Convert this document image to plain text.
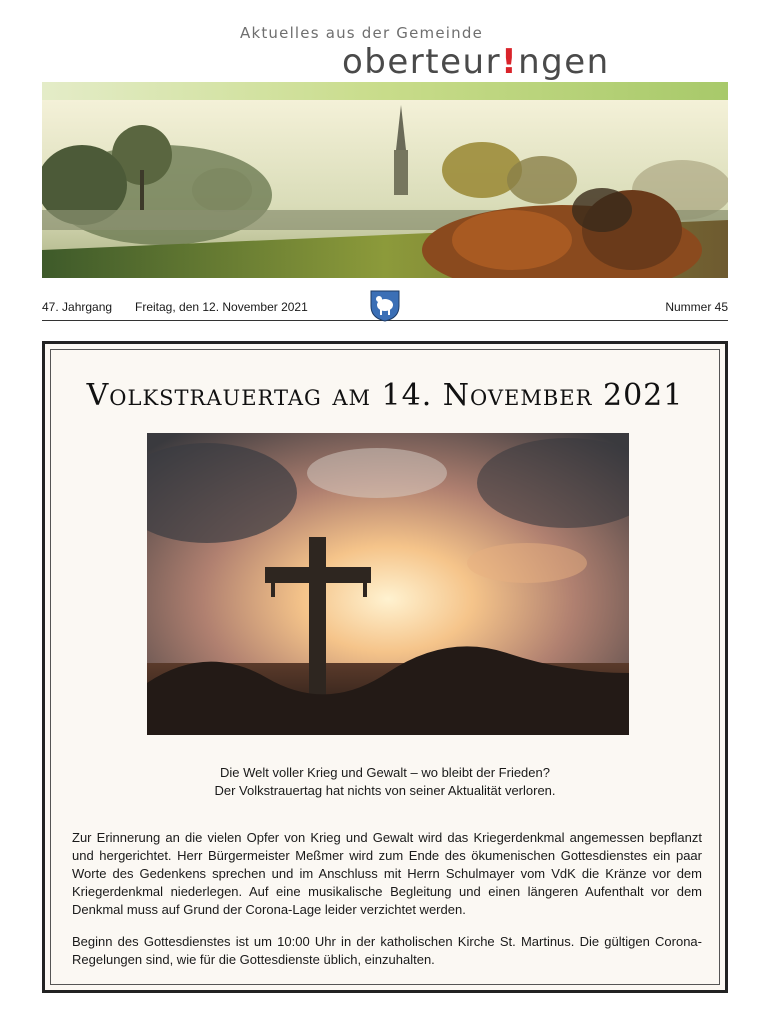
Aktuelles aus der Gemeinde
oberteur!ngen
47. Jahrgang Freitag, den 12. November 2021	Nummer 45
Volkstrauertag am 14. November 2021
Die Welt voller Krieg und Gewalt – wo bleibt der Frieden?
Der Volkstrauertag hat nichts von seiner Aktualität verloren.

Zur Erinnerung an die vielen Opfer von Krieg und Gewalt wird das Kriegerdenkmal angemessen bepflanzt und hergerichtet. Herr Bürgermeister Meßmer wird zum Ende des ökumenischen Gottesdienstes ein paar Worte des Gedenkens sprechen und im Anschluss mit Herrn Schulmayer vom VdK die Kränze vor dem Kriegerdenkmal niederlegen. Auf eine musikalische Begleitung und einen längeren Aufenthalt vor dem Denkmal muss auf Grund der Corona-Lage leider verzichtet werden.

Beginn des Gottesdienstes ist um 10:00 Uhr in der katholischen Kirche St. Martinus. Die gültigen Corona-Regelungen sind, wie für die Gottesdienste üblich, einzuhalten.
